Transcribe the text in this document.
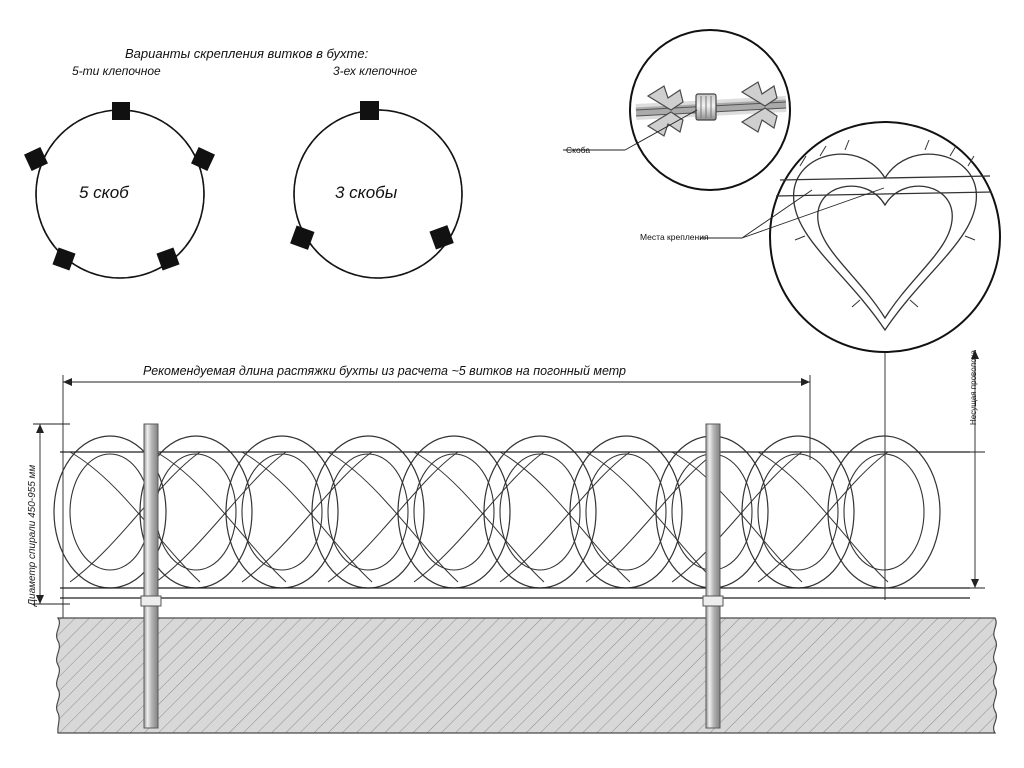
Варианты скрепления витков в бухте:
5-ти клепочное	3-ех клепочное
5 скоб	3 скобы
Скоба
Места крепления
Рекомендуемая длина растяжки бухты из расчета ~5 витков на погонный метр
Диаметр спирали 450-955 мм
Несущая проволока
